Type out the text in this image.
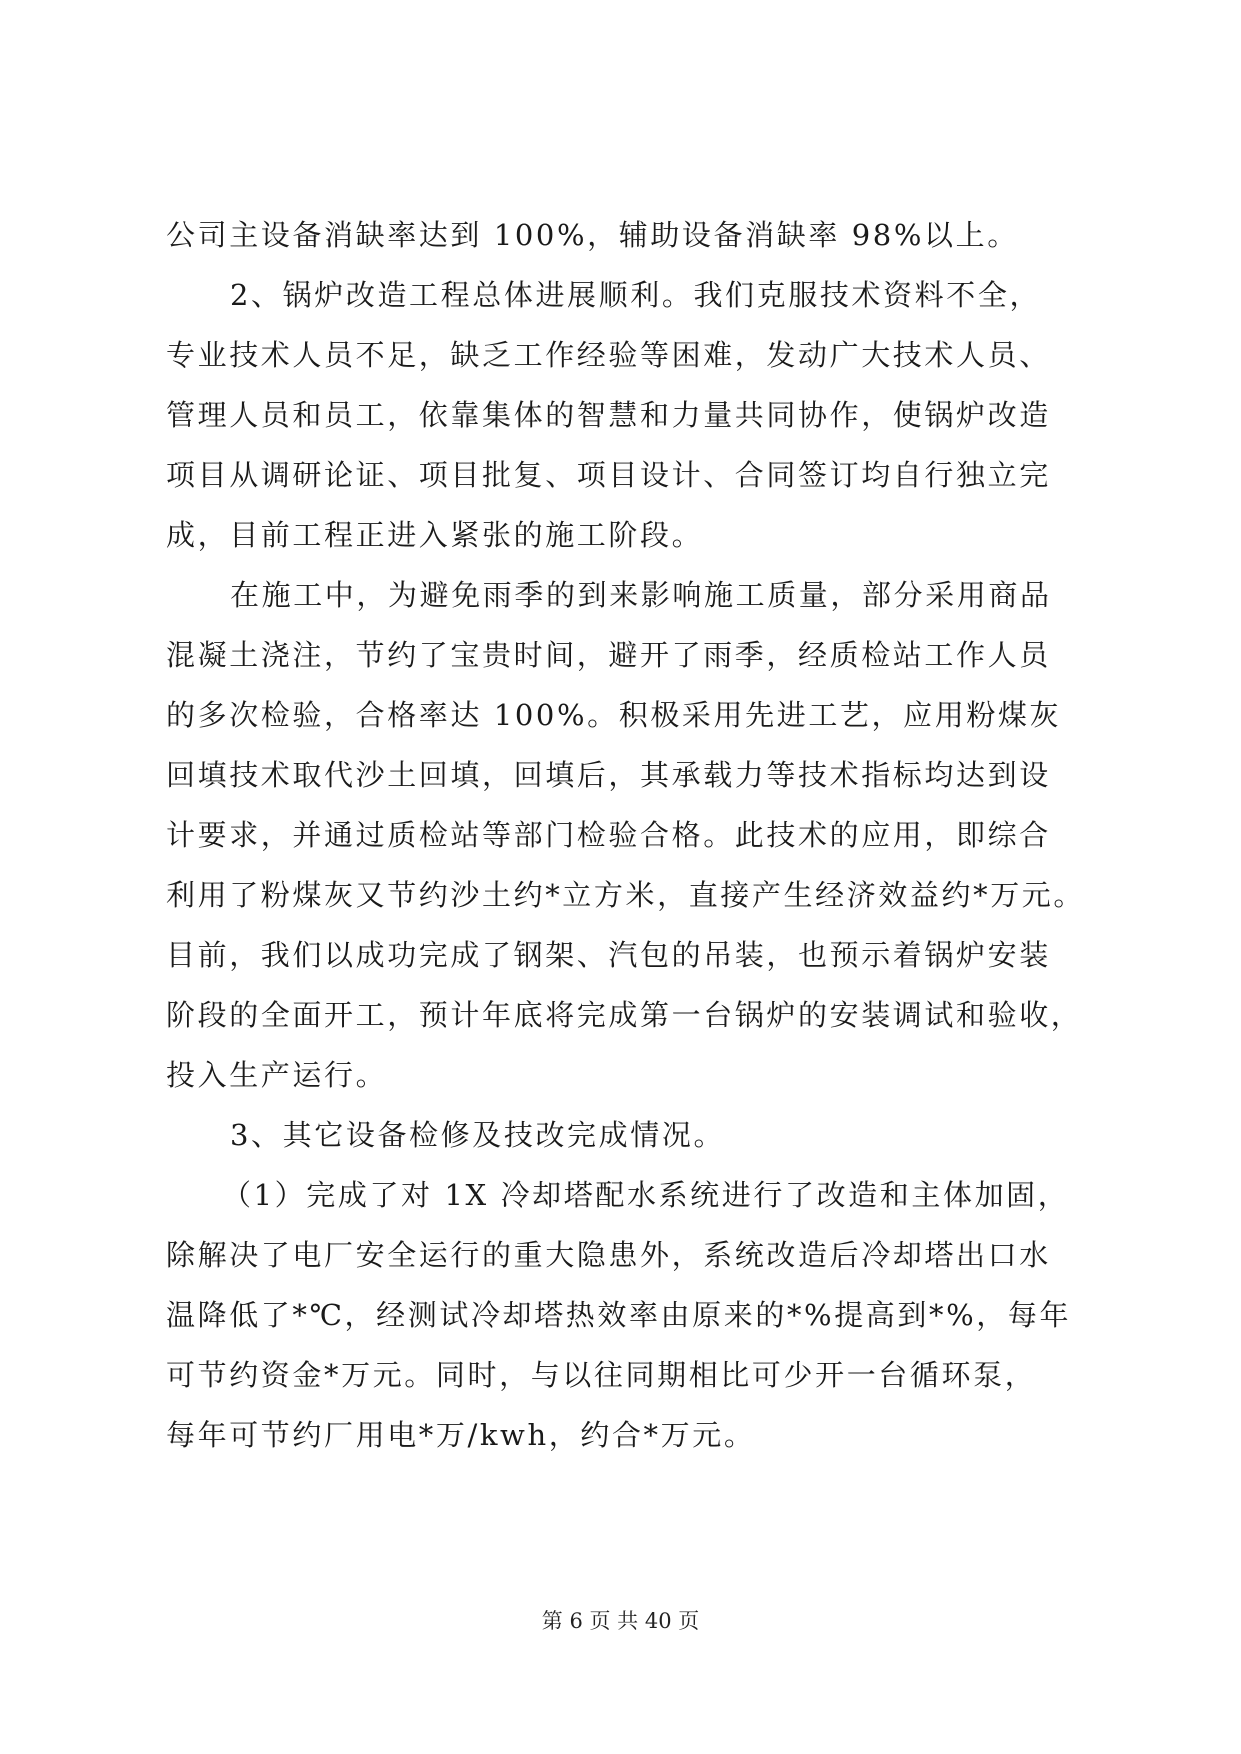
公司主设备消缺率达到 100%，辅助设备消缺率 98%以上。
2、锅炉改造工程总体进展顺利。我们克服技术资料不全，
专业技术人员不足，缺乏工作经验等困难，发动广大技术人员、
管理人员和员工，依靠集体的智慧和力量共同协作，使锅炉改造
项目从调研论证、项目批复、项目设计、合同签订均自行独立完
成，目前工程正进入紧张的施工阶段。
在施工中，为避免雨季的到来影响施工质量，部分采用商品
混凝土浇注，节约了宝贵时间，避开了雨季，经质检站工作人员
的多次检验，合格率达 100%。积极采用先进工艺，应用粉煤灰
回填技术取代沙土回填，回填后，其承载力等技术指标均达到设
计要求，并通过质检站等部门检验合格。此技术的应用，即综合
利用了粉煤灰又节约沙土约*立方米，直接产生经济效益约*万元。
目前，我们以成功完成了钢架、汽包的吊装，也预示着锅炉安装
阶段的全面开工，预计年底将完成第一台锅炉的安装调试和验收，
投入生产运行。
3、其它设备检修及技改完成情况。
（1）完成了对 1X 冷却塔配水系统进行了改造和主体加固，
除解决了电厂安全运行的重大隐患外，系统改造后冷却塔出口水
温降低了*℃，经测试冷却塔热效率由原来的*%提高到*%，每年
可节约资金*万元。同时，与以往同期相比可少开一台循环泵，
每年可节约厂用电*万/kwh，约合*万元。
第 6 页 共 40 页
